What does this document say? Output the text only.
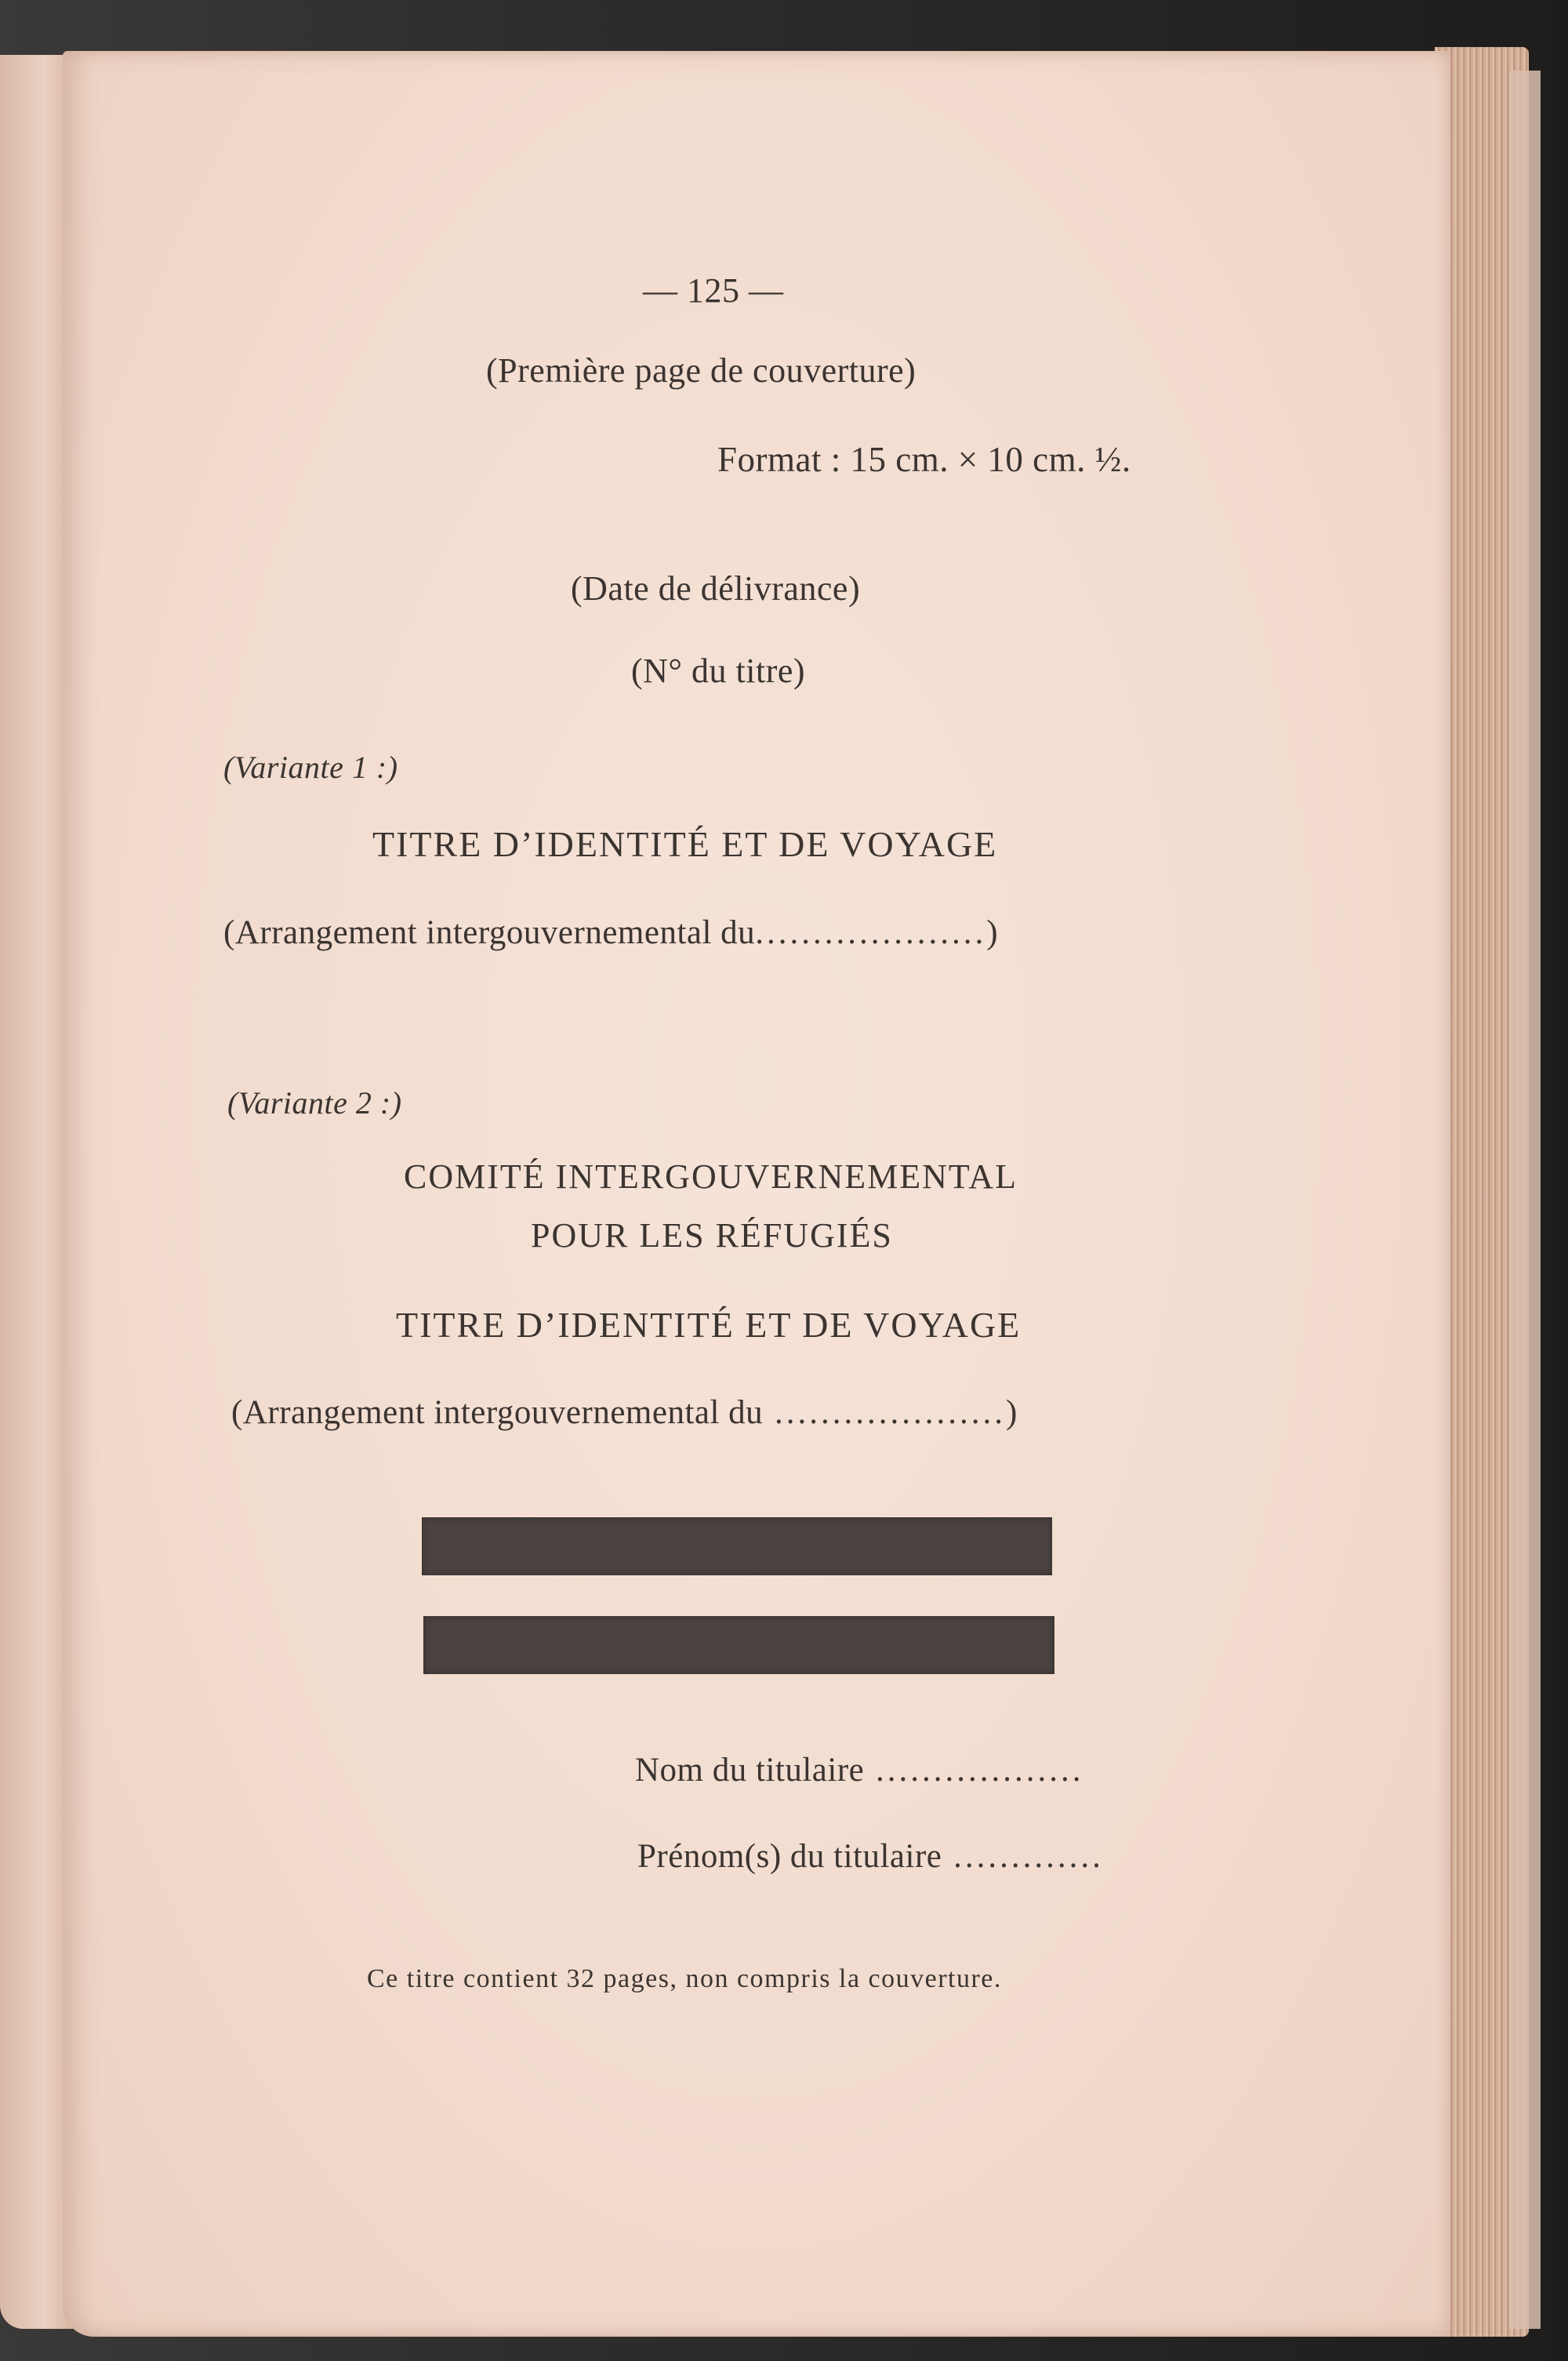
— 125 —
(Première page de couverture)
Format : 15 cm. × 10 cm. ½.
(Date de délivrance)
(N° du titre)
(Variante 1 :)
TITRE D’IDENTITÉ ET DE VOYAGE
(Arrangement intergouvernemental du....................)
(Variante 2 :)
COMITÉ INTERGOUVERNEMENTAL
POUR LES RÉFUGIÉS
TITRE D’IDENTITÉ ET DE VOYAGE
(Arrangement intergouvernemental du ....................)
Nom du titulaire ..................
Prénom(s) du titulaire .............
Ce titre contient 32 pages, non compris la couverture.
